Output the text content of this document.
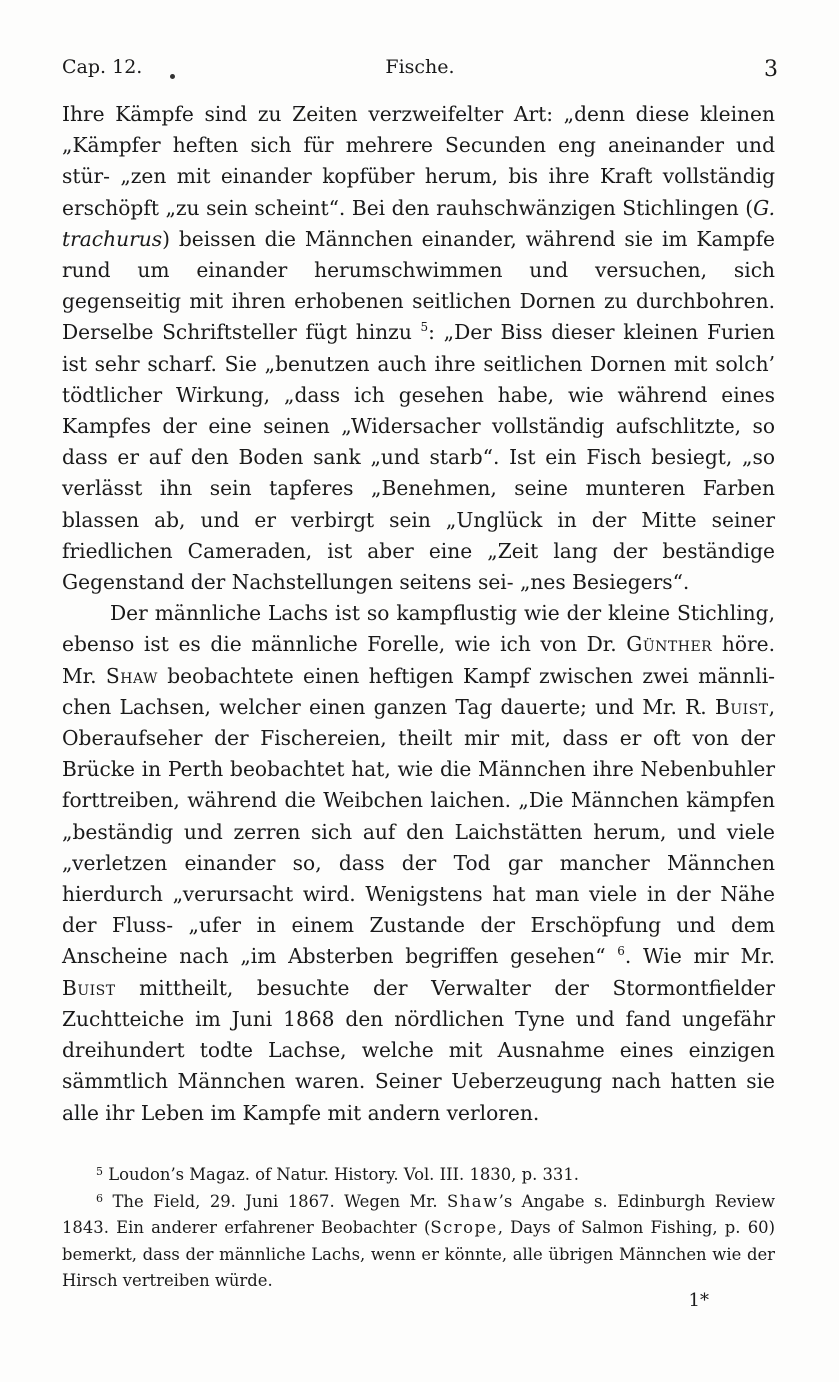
Cap. 12.	Fische.	3

Ihre Kämpfe sind zu Zeiten verzweifelter Art: „denn diese kleinen „Kämpfer heften sich für mehrere Secunden eng aneinander und stür- „zen mit einander kopfüber herum, bis ihre Kraft vollständig erschöpft „zu sein scheint“. Bei den rauhschwänzigen Stichlingen (G. trachurus) beissen die Männchen einander, während sie im Kampfe rund um einander herumschwimmen und versuchen, sich gegenseitig mit ihren erhobenen seitlichen Dornen zu durchbohren. Derselbe Schriftsteller fügt hinzu $^5$: „Der Biss dieser kleinen Furien ist sehr scharf. Sie „benutzen auch ihre seitlichen Dornen mit solch’ tödtlicher Wirkung, „dass ich gesehen habe, wie während eines Kampfes der eine seinen „Widersacher vollständig aufschlitzte, so dass er auf den Boden sank „und starb“. Ist ein Fisch besiegt, „so verlässt ihn sein tapferes „Benehmen, seine munteren Farben blassen ab, und er verbirgt sein „Unglück in der Mitte seiner friedlichen Cameraden, ist aber eine „Zeit lang der beständige Gegenstand der Nachstellungen seitens sei- „nes Besiegers“.

Der männliche Lachs ist so kampflustig wie der kleine Stichling, ebenso ist es die männliche Forelle, wie ich von Dr. Günther höre. Mr. Shaw beobachtete einen heftigen Kampf zwischen zwei männli- chen Lachsen, welcher einen ganzen Tag dauerte; und Mr. R. Buist, Oberaufseher der Fischereien, theilt mir mit, dass er oft von der Brücke in Perth beobachtet hat, wie die Männchen ihre Nebenbuhler forttreiben, während die Weibchen laichen. „Die Männchen kämpfen „beständig und zerren sich auf den Laichstätten herum, und viele „verletzen einander so, dass der Tod gar mancher Männchen hierdurch „verursacht wird. Wenigstens hat man viele in der Nähe der Fluss- „ufer in einem Zustande der Erschöpfung und dem Anscheine nach „im Absterben begriffen gesehen“ $^6$. Wie mir Mr. Buist mittheilt, besuchte der Verwalter der Stormontfielder Zuchtteiche im Juni 1868 den nördlichen Tyne und fand ungefähr dreihundert todte Lachse, welche mit Ausnahme eines einzigen sämmtlich Männchen waren. Seiner Ueberzeugung nach hatten sie alle ihr Leben im Kampfe mit andern verloren.

$^5$ Loudon’s Magaz. of Natur. History. Vol. III. 1830, p. 331.

$^6$ The Field, 29. Juni 1867. Wegen Mr. Shaw’s Angabe s. Edinburgh Review 1843. Ein anderer erfahrener Beobachter (Scrope, Days of Salmon Fishing, p. 60) bemerkt, dass der männliche Lachs, wenn er könnte, alle übrigen Männchen wie der Hirsch vertreiben würde.

1*
